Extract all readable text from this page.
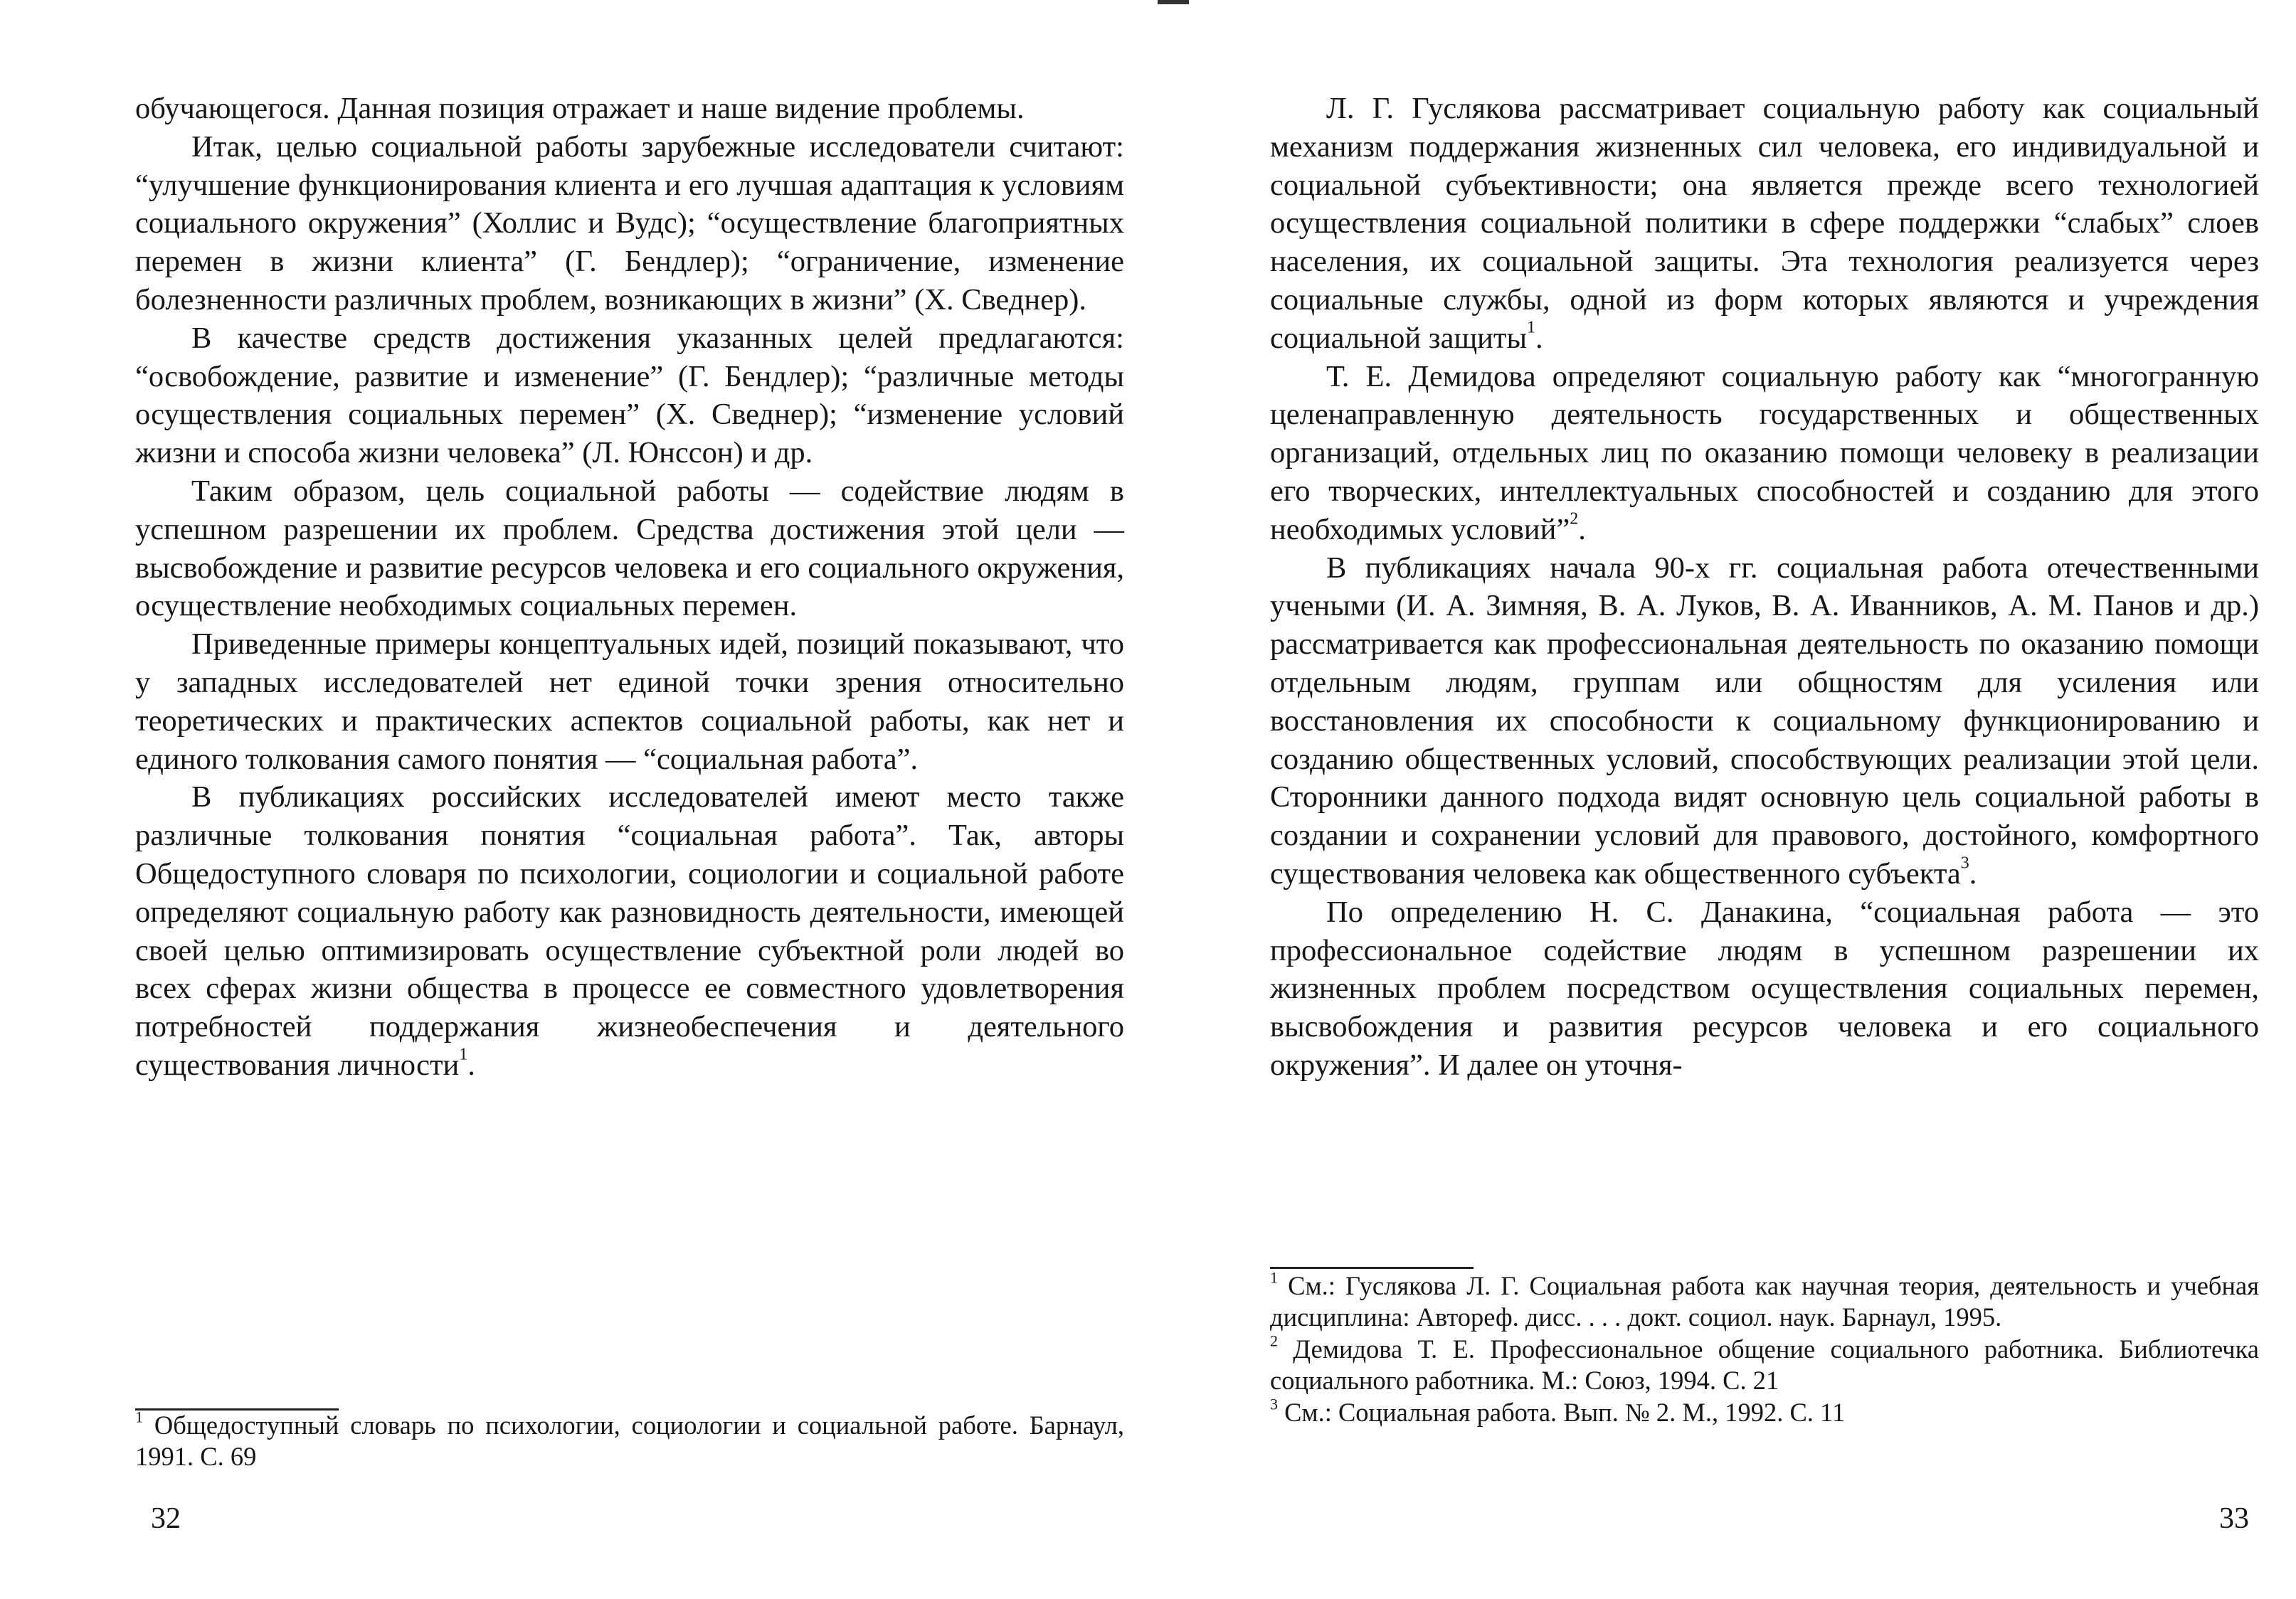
обучающегося. Данная позиция отражает и наше видение проблемы.

Итак, целью социальной работы зарубежные исследователи считают: “улучшение функционирования клиента и его лучшая адаптация к условиям социального окружения” (Холлис и Вудс); “осуществление благоприятных перемен в жизни клиента” (Г. Бендлер); “ограничение, изменение болезненности различных проблем, возникающих в жизни” (Х. Сведнер).

В качестве средств достижения указанных целей предлагаются: “освобождение, развитие и изменение” (Г. Бендлер); “различные методы осуществления социальных перемен” (Х. Сведнер); “изменение условий жизни и способа жизни человека” (Л. Юнссон) и др.

Таким образом, цель социальной работы — содействие людям в успешном разрешении их проблем. Средства достижения этой цели — высвобождение и развитие ресурсов человека и его социального окружения, осуществление необходимых социальных перемен.

Приведенные примеры концептуальных идей, позиций показывают, что у западных исследователей нет единой точки зрения относительно теоретических и практических аспектов социальной работы, как нет и единого толкования самого понятия — “социальная работа”.

В публикациях российских исследователей имеют место также различные толкования понятия “социальная работа”. Так, авторы Общедоступного словаря по психологии, социологии и социальной работе определяют социальную работу как разновидность деятельности, имеющей своей целью оптимизировать осуществление субъектной роли людей во всех сферах жизни общества в процессе ее совместного удовлетворения потребностей поддержания жизнеобеспечения и деятельного существования личности$^1$.

$^1$ Общедоступный словарь по психологии, социологии и социальной работе. Барнаул, 1991. С. 69

32

Л. Г. Гуслякова рассматривает социальную работу как социальный механизм поддержания жизненных сил человека, его индивидуальной и социальной субъективности; она является прежде всего технологией осуществления социальной политики в сфере поддержки “слабых” слоев населения, их социальной защиты. Эта технология реализуется через социальные службы, одной из форм которых являются и учреждения социальной защиты$^1$.

Т. Е. Демидова определяют социальную работу как “многогранную целенаправленную деятельность государственных и общественных организаций, отдельных лиц по оказанию помощи человеку в реализации его творческих, интеллектуальных способностей и созданию для этого необходимых условий”$^2$.

В публикациях начала 90-х гг. социальная работа отечественными учеными (И. А. Зимняя, В. А. Луков, В. А. Иванников, А. М. Панов и др.) рассматривается как профессиональная деятельность по оказанию помощи отдельным людям, группам или общностям для усиления или восстановления их способности к социальному функционированию и созданию общественных условий, способствующих реализации этой цели. Сторонники данного подхода видят основную цель социальной работы в создании и сохранении условий для правового, достойного, комфортного существования человека как общественного субъекта$^3$.

По определению Н. С. Данакина, “социальная работа — это профессиональное содействие людям в успешном разрешении их жизненных проблем посредством осуществления социальных перемен, высвобождения и развития ресурсов человека и его социального окружения”. И далее он уточня-

$^1$ См.: Гуслякова Л. Г. Социальная работа как научная теория, деятельность и учебная дисциплина: Автореф. дисс. . . . докт. социол. наук. Барнаул, 1995.

$^2$ Демидова Т. Е. Профессиональное общение социального работника. Библиотечка социального работника. М.: Союз, 1994. С. 21

$^3$ См.: Социальная работа. Вып. № 2. М., 1992. С. 11

33
